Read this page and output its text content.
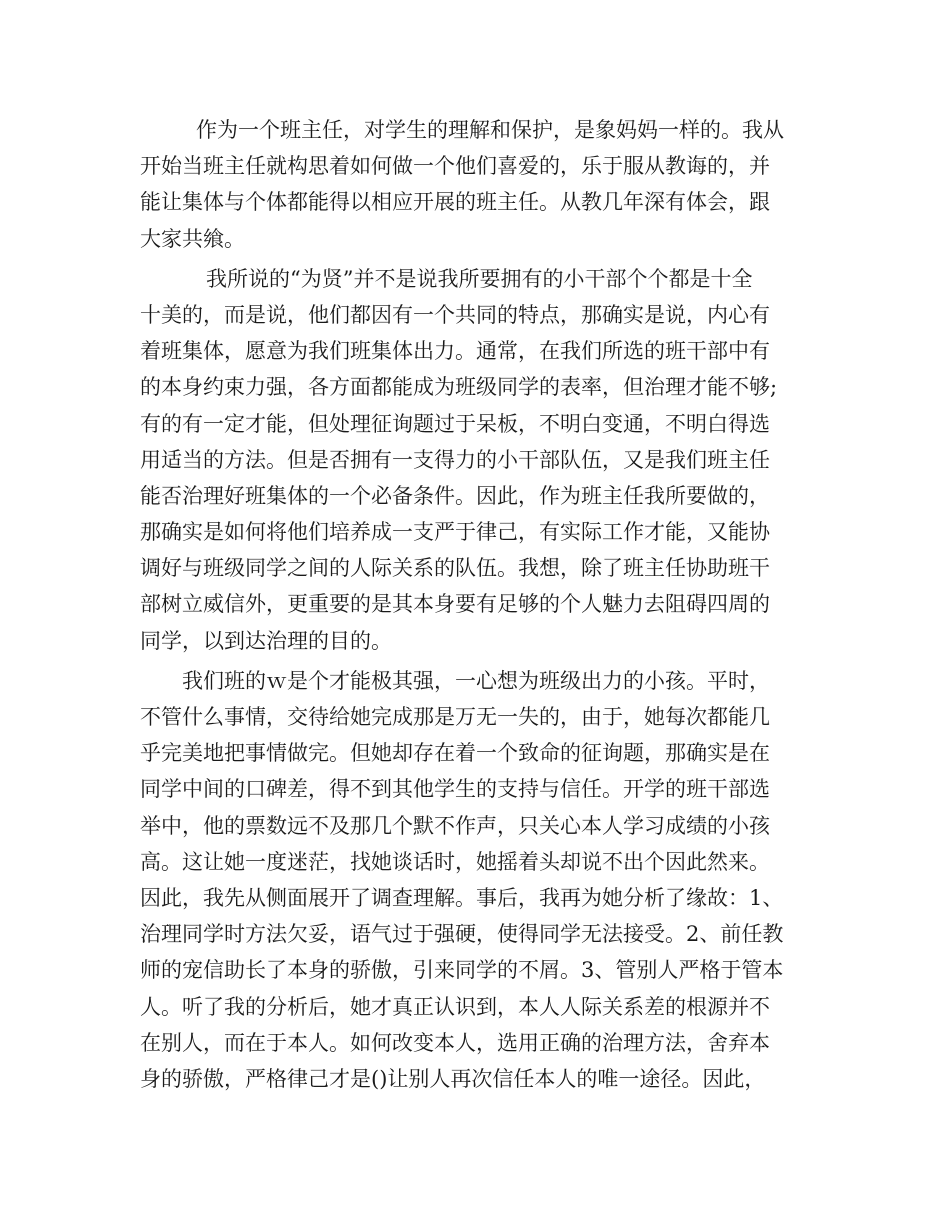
作为一个班主任，对学生的理解和保护，是象妈妈一样的。我从
开始当班主任就构思着如何做一个他们喜爱的，乐于服从教诲的，并
能让集体与个体都能得以相应开展的班主任。从教几年深有体会，跟
大家共飨。
我所说的“为贤”并不是说我所要拥有的小干部个个都是十全
十美的，而是说，他们都因有一个共同的特点，那确实是说，内心有
着班集体，愿意为我们班集体出力。通常，在我们所选的班干部中有
的本身约束力强，各方面都能成为班级同学的表率，但治理才能不够;
有的有一定才能，但处理征询题过于呆板，不明白变通，不明白得选
用适当的方法。但是否拥有一支得力的小干部队伍，又是我们班主任
能否治理好班集体的一个必备条件。因此，作为班主任我所要做的，
那确实是如何将他们培养成一支严于律己，有实际工作才能，又能协
调好与班级同学之间的人际关系的队伍。我想，除了班主任协助班干
部树立威信外，更重要的是其本身要有足够的个人魅力去阻碍四周的
同学，以到达治理的目的。
我们班的ｗ是个才能极其强，一心想为班级出力的小孩。平时，
不管什么事情，交待给她完成那是万无一失的，由于，她每次都能几
乎完美地把事情做完。但她却存在着一个致命的征询题，那确实是在
同学中间的口碑差，得不到其他学生的支持与信任。开学的班干部选
举中，他的票数远不及那几个默不作声，只关心本人学习成绩的小孩
高。这让她一度迷茫，找她谈话时，她摇着头却说不出个因此然来。
因此，我先从侧面展开了调查理解。事后，我再为她分析了缘故：1、
治理同学时方法欠妥，语气过于强硬，使得同学无法接受。2、前任教
师的宠信助长了本身的骄傲，引来同学的不屑。3、管别人严格于管本
人。听了我的分析后，她才真正认识到，本人人际关系差的根源并不
在别人，而在于本人。如何改变本人，选用正确的治理方法，舍弃本
身的骄傲，严格律己才是()让别人再次信任本人的唯一途径。因此，
